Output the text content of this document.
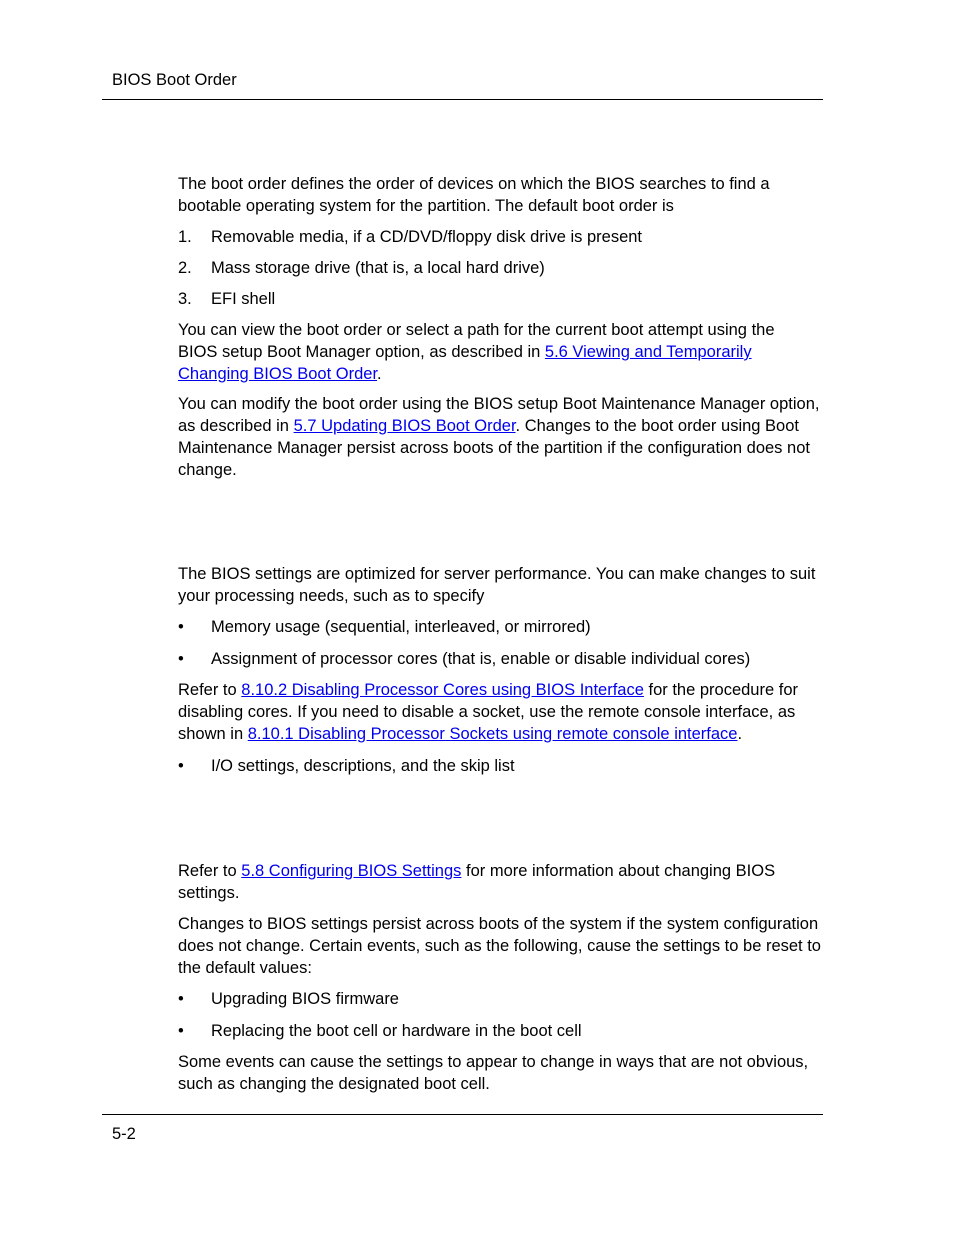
BIOS Boot Order

The boot order defines the order of devices on which the BIOS searches to find a bootable operating system for the partition. The default boot order is

1. Removable media, if a CD/DVD/floppy disk drive is present
2. Mass storage drive (that is, a local hard drive)
3. EFI shell

You can view the boot order or select a path for the current boot attempt using the BIOS setup Boot Manager option, as described in 5.6 Viewing and Temporarily Changing BIOS Boot Order.

You can modify the boot order using the BIOS setup Boot Maintenance Manager option, as described in 5.7 Updating BIOS Boot Order. Changes to the boot order using Boot Maintenance Manager persist across boots of the partition if the configuration does not change.

The BIOS settings are optimized for server performance. You can make changes to suit your processing needs, such as to specify

• Memory usage (sequential, interleaved, or mirrored)
• Assignment of processor cores (that is, enable or disable individual cores)

Refer to 8.10.2 Disabling Processor Cores using BIOS Interface for the procedure for disabling cores. If you need to disable a socket, use the remote console interface, as shown in 8.10.1 Disabling Processor Sockets using remote console interface.

• I/O settings, descriptions, and the skip list

Refer to 5.8 Configuring BIOS Settings for more information about changing BIOS settings.

Changes to BIOS settings persist across boots of the system if the system configuration does not change. Certain events, such as the following, cause the settings to be reset to the default values:

• Upgrading BIOS firmware
• Replacing the boot cell or hardware in the boot cell

Some events can cause the settings to appear to change in ways that are not obvious, such as changing the designated boot cell.

5-2
